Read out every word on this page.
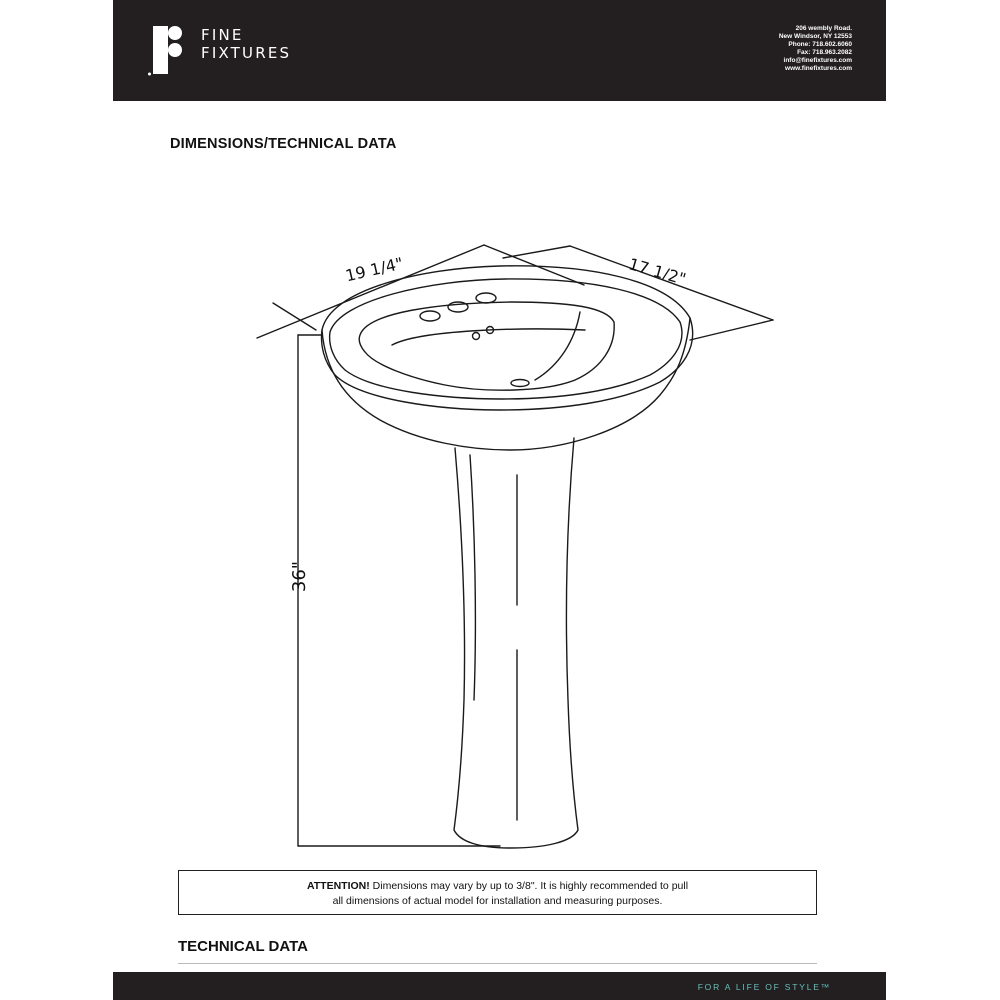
FINE
FIXTURES
206 wembly Road.
New Windsor, NY 12553
Phone: 718.602.6060
Fax: 718.963.2082
info@finefixtures.com
www.finefixtures.com
DIMENSIONS/TECHNICAL DATA
19 1/4"	17 1/2"
36"
ATTENTION! Dimensions may vary by up to 3/8". It is highly recommended to pull
all dimensions of actual model for installation and measuring purposes.
TECHNICAL DATA
FOR A LIFE OF STYLE™
